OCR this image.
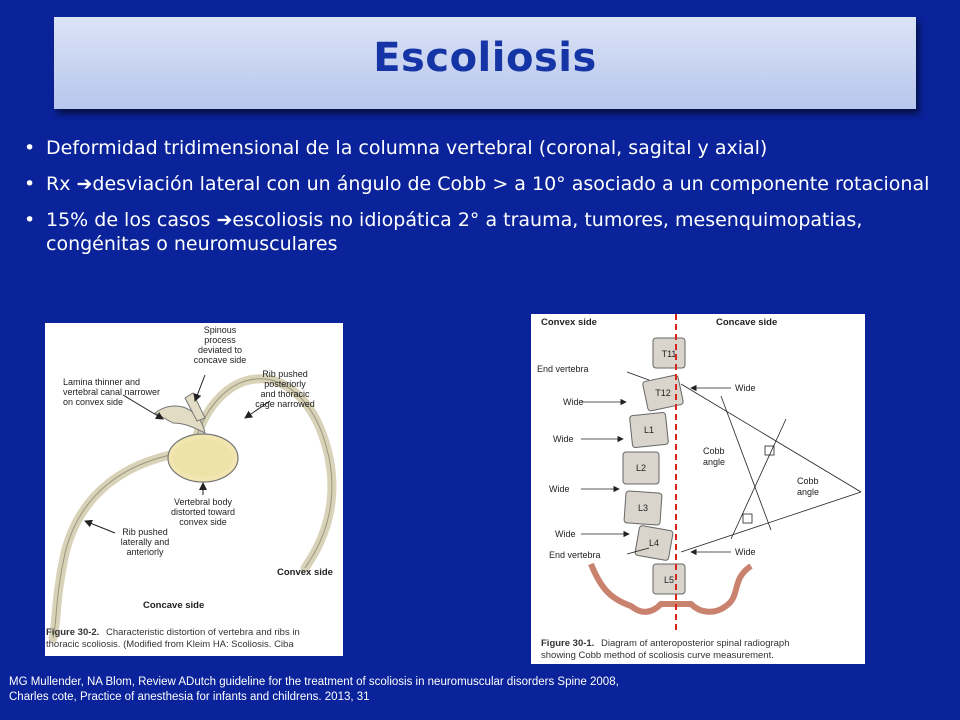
Escoliosis
• Deformidad tridimensional de la columna vertebral (coronal, sagital y axial)
• Rx ➔desviación lateral con un ángulo de Cobb > a 10° asociado a un componente rotacional
• 15% de los casos ➔escoliosis no idiopática 2° a trauma, tumores, mesenquimopatias, congénitas o neuromusculares
Spinous
process
deviated to
concave side
Rib pushed
posteriorly
and thoracic
cage narrowed
Vertebral body
distorted toward
convex side
Rib pushed
laterally and
anteriorly
Lamina thinner and
vertebral canal narrower
on convex side
Convex side
Concave side
Figure 30-2. Characteristic distortion of vertebra and ribs in
thoracic scoliosis. (Modified from Kleim HA: Scoliosis. Ciba
Convex side	Concave side
T11
T12
L1
L2
L3
L4
L5
End vertebra
Wide
Wide
Wide
Wide
End vertebra
Wide
Wide
Cobb
angle
Cobb
angle
Figure 30-1. Diagram of anteroposterior spinal radiograph
showing Cobb method of scoliosis curve measurement.
MG Mullender, NA Blom, Review ADutch guideline for the treatment of scoliosis in neuromuscular disorders Spine 2008,
Charles cote, Practice of anesthesia for infants and childrens. 2013, 31
